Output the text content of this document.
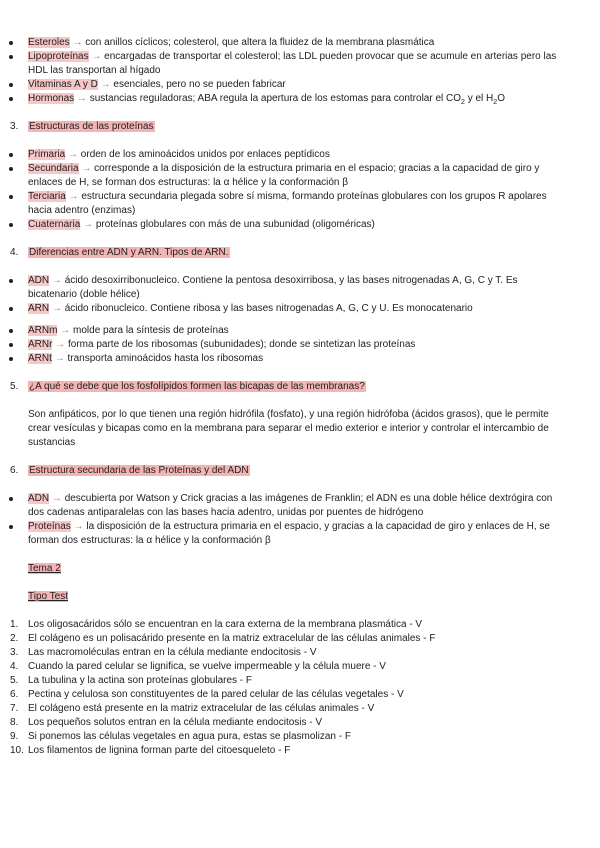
Esteroles → con anillos cíclicos; colesterol, que altera la fluidez de la membrana plasmática
Lipoproteínas → encargadas de transportar el colesterol; las LDL pueden provocar que se acumule en arterias pero las HDL las transportan al hígado
Vitaminas A y D → esenciales, pero no se pueden fabricar
Hormonas → sustancias reguladoras; ABA regula la apertura de los estomas para controlar el $CO_2$ y el $H_2O$

3. Estructuras de las proteínas

Primaria → orden de los aminoácidos unidos por enlaces peptídicos
Secundaria → corresponde a la disposición de la estructura primaria en el espacio; gracias a la capacidad de giro y enlaces de H, se forman dos estructuras: la α hélice y la conformación β
Terciaria → estructura secundaria plegada sobre sí misma, formando proteínas globulares con los grupos R apolares hacia adentro (enzimas)
Cuaternaria → proteínas globulares con más de una subunidad (oligoméricas)

4. Diferencias entre ADN y ARN. Tipos de ARN.

ADN → ácido desoxirribonucleico. Contiene la pentosa desoxirribosa, y las bases nitrogenadas A, G, C y T. Es bicatenario (doble hélice)
ARN → ácido ribonucleico. Contiene ribosa y las bases nitrogenadas A, G, C y U. Es monocatenario
ARNm → molde para la síntesis de proteínas
ARNr → forma parte de los ribosomas (subunidades); donde se sintetizan las proteínas
ARNt → transporta aminoácidos hasta los ribosomas

5. ¿A qué se debe que los fosfolípidos formen las bicapas de las membranas?

Son anfipáticos, por lo que tienen una región hidrófila (fosfato), y una región hidrófoba (ácidos grasos), que le permite crear vesículas y bicapas como en la membrana para separar el medio exterior e interior y controlar el intercambio de sustancias

6. Estructura secundaria de las Proteínas y del ADN

ADN → descubierta por Watson y Crick gracias a las imágenes de Franklin; el ADN es una doble hélice dextrógira con dos cadenas antiparalelas con las bases hacia adentro, unidas por puentes de hidrógeno
Proteínas → la disposición de la estructura primaria en el espacio, y gracias a la capacidad de giro y enlaces de H, se forman dos estructuras: la α hélice y la conformación β

Tema 2

Tipo Test

1. Los oligosacáridos sólo se encuentran en la cara externa de la membrana plasmática - V
2. El colágeno es un polisacárido presente en la matriz extracelular de las células animales - F
3. Las macromoléculas entran en la célula mediante endocitosis - V
4. Cuando la pared celular se lignifica, se vuelve impermeable y la célula muere - V
5. La tubulina y la actina son proteínas globulares - F
6. Pectina y celulosa son constituyentes de la pared celular de las células vegetales - V
7. El colágeno está presente en la matriz extracelular de las células animales - V
8. Los pequeños solutos entran en la célula mediante endocitosis - V
9. Si ponemos las células vegetales en agua pura, estas se plasmolizan - F
10. Los filamentos de lignina forman parte del citoesqueleto - F
